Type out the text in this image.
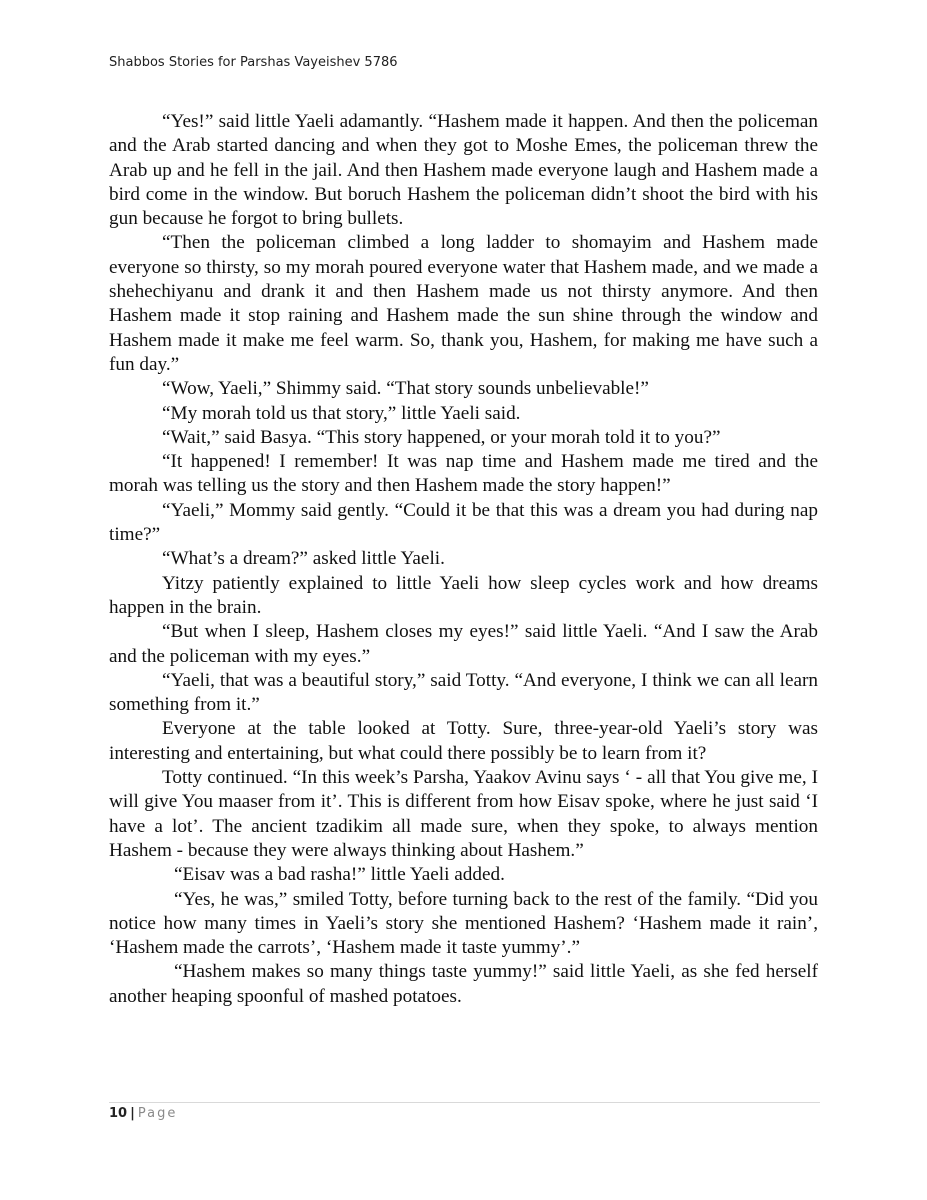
Shabbos Stories for Parshas Vayeishev 5786

“Yes!” said little Yaeli adamantly. “Hashem made it happen. And then the policeman and the Arab started dancing and when they got to Moshe Emes, the policeman threw the Arab up and he fell in the jail. And then Hashem made everyone laugh and Hashem made a bird come in the window. But boruch Hashem the policeman didn’t shoot the bird with his gun because he forgot to bring bullets.

“Then the policeman climbed a long ladder to shomayim and Hashem made everyone so thirsty, so my morah poured everyone water that Hashem made, and we made a shehechiyanu and drank it and then Hashem made us not thirsty anymore. And then Hashem made it stop raining and Hashem made the sun shine through the window and Hashem made it make me feel warm. So, thank you, Hashem, for making me have such a fun day.”

“Wow, Yaeli,” Shimmy said. “That story sounds unbelievable!”

“My morah told us that story,” little Yaeli said.

“Wait,” said Basya. “This story happened, or your morah told it to you?”

“It happened! I remember! It was nap time and Hashem made me tired and the morah was telling us the story and then Hashem made the story happen!”

“Yaeli,” Mommy said gently. “Could it be that this was a dream you had during nap time?”

“What’s a dream?” asked little Yaeli.

Yitzy patiently explained to little Yaeli how sleep cycles work and how dreams happen in the brain.

“But when I sleep, Hashem closes my eyes!” said little Yaeli. “And I saw the Arab and the policeman with my eyes.”

“Yaeli, that was a beautiful story,” said Totty. “And everyone, I think we can all learn something from it.”

Everyone at the table looked at Totty. Sure, three-year-old Yaeli’s story was interesting and entertaining, but what could there possibly be to learn from it?

Totty continued. “In this week’s Parsha, Yaakov Avinu says ‘ - all that You give me, I will give You maaser from it’. This is different from how Eisav spoke, where he just said ‘I have a lot’. The ancient tzadikim all made sure, when they spoke, to always mention Hashem - because they were always thinking about Hashem.”

“Eisav was a bad rasha!” little Yaeli added.

“Yes, he was,” smiled Totty, before turning back to the rest of the family. “Did you notice how many times in Yaeli’s story she mentioned Hashem? ‘Hashem made it rain’, ‘Hashem made the carrots’, ‘Hashem made it taste yummy’.”

“Hashem makes so many things taste yummy!” said little Yaeli, as she fed herself another heaping spoonful of mashed potatoes.

10 | Page
